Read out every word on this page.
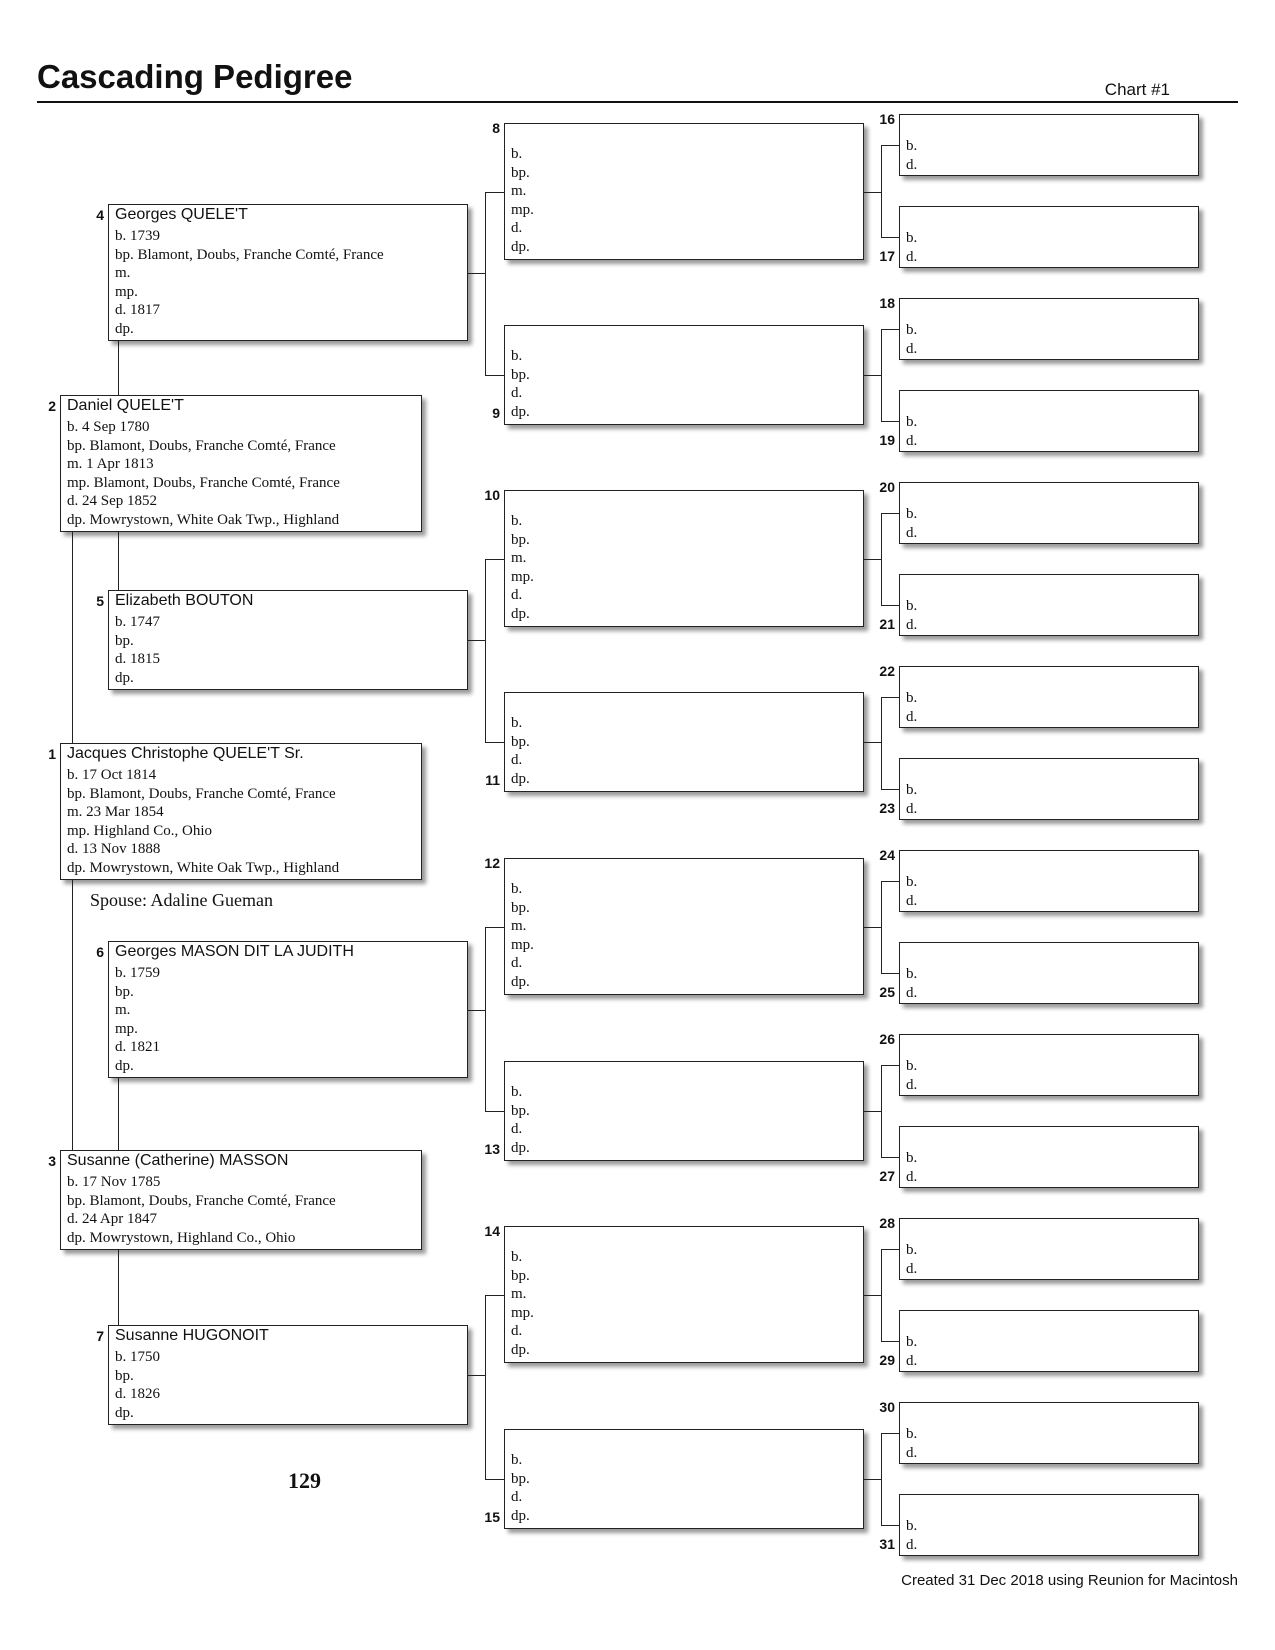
Cascading Pedigree	Chart #1
Jacques Christophe QUELE'T Sr.
b. 17 Oct 1814
bp. Blamont, Doubs, Franche Comté, France
m. 23 Mar 1854
mp. Highland Co., Ohio
d. 13 Nov 1888
dp. Mowrystown, White Oak Twp., Highland
1
Daniel QUELE'T
b. 4 Sep 1780
bp. Blamont, Doubs, Franche Comté, France
m. 1 Apr 1813
mp. Blamont, Doubs, Franche Comté, France
d. 24 Sep 1852
dp. Mowrystown, White Oak Twp., Highland
2
Susanne (Catherine) MASSON
b. 17 Nov 1785
bp. Blamont, Doubs, Franche Comté, France
d. 24 Apr 1847
dp. Mowrystown, Highland Co., Ohio
3
Georges QUELE'T
b. 1739
bp. Blamont, Doubs, Franche Comté, France
m.
mp.
d. 1817
dp.
4
Elizabeth BOUTON
b. 1747
bp.
d. 1815
dp.
5
Georges MASON DIT LA JUDITH
b. 1759
bp.
m.
mp.
d. 1821
dp.
6
Susanne HUGONOIT
b. 1750
bp.
d. 1826
dp.
7
b.
bp.
m.
mp.
d.
dp.
8
b.
bp.
d.
dp.
9
b.
bp.
m.
mp.
d.
dp.
10
b.
bp.
d.
dp.
11
b.
bp.
m.
mp.
d.
dp.
12
b.
bp.
d.
dp.
13
b.
bp.
m.
mp.
d.
dp.
14
b.
bp.
d.
dp.
15
b.
d.
16
b.
d.
17
b.
d.
18
b.
d.
19
b.
d.
20
b.
d.
21
b.
d.
22
b.
d.
23
b.
d.
24
b.
d.
25
b.
d.
26
b.
d.
27
b.
d.
28
b.
d.
29
b.
d.
30
b.
d.
31
Spouse: Adaline Gueman
129
Created 31 Dec 2018 using Reunion for Macintosh
